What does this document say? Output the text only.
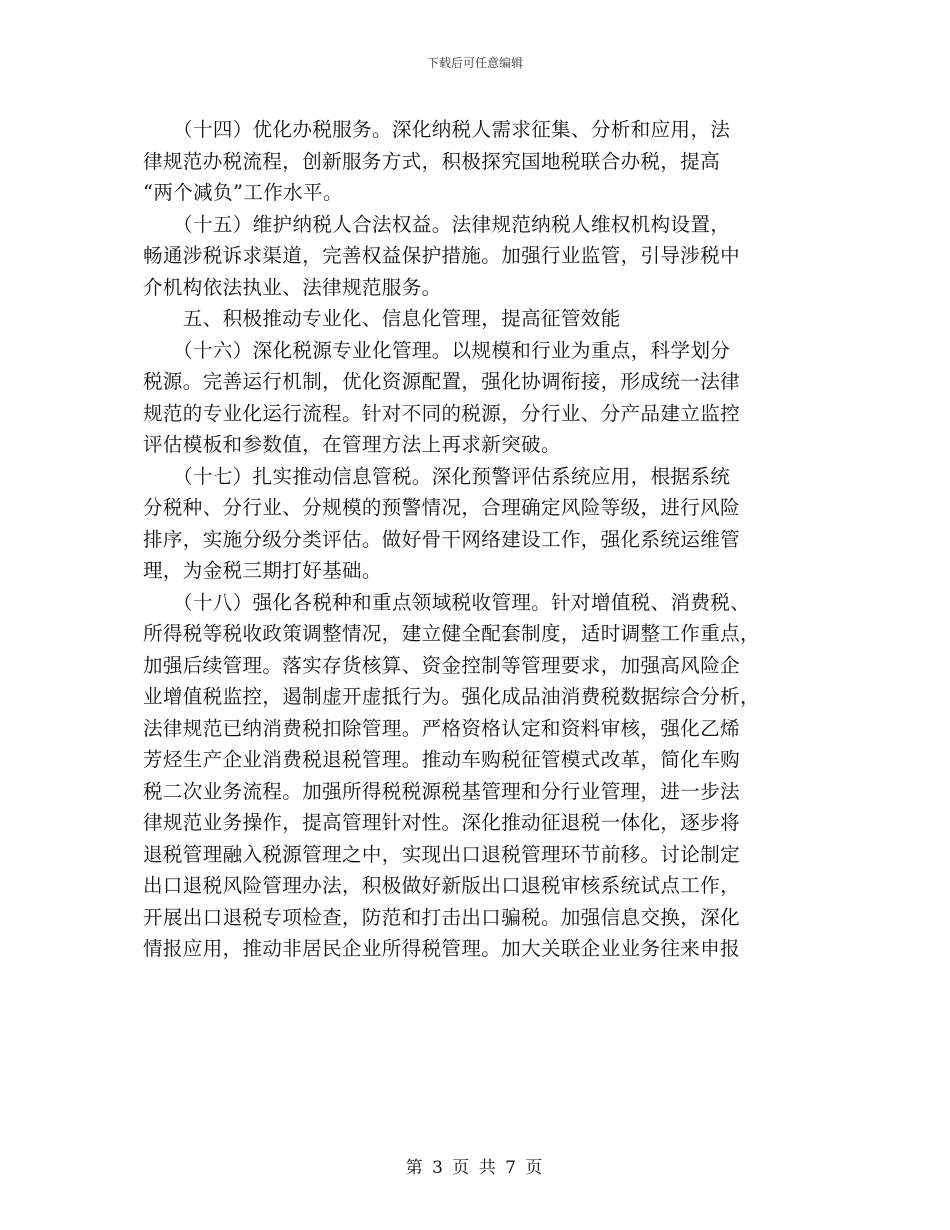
下载后可任意编辑
　　（十四）优化办税服务。深化纳税人需求征集、分析和应用，法
律规范办税流程，创新服务方式，积极探究国地税联合办税，提高
“两个减负”工作水平。
　　（十五）维护纳税人合法权益。法律规范纳税人维权机构设置，
畅通涉税诉求渠道，完善权益保护措施。加强行业监管，引导涉税中
介机构依法执业、法律规范服务。
　　五、积极推动专业化、信息化管理，提高征管效能
　　（十六）深化税源专业化管理。以规模和行业为重点，科学划分
税源。完善运行机制，优化资源配置，强化协调衔接，形成统一法律
规范的专业化运行流程。针对不同的税源，分行业、分产品建立监控
评估模板和参数值，在管理方法上再求新突破。
　　（十七）扎实推动信息管税。深化预警评估系统应用，根据系统
分税种、分行业、分规模的预警情况，合理确定风险等级，进行风险
排序，实施分级分类评估。做好骨干网络建设工作，强化系统运维管
理，为金税三期打好基础。
　　（十八）强化各税种和重点领域税收管理。针对增值税、消费税、
所得税等税收政策调整情况，建立健全配套制度，适时调整工作重点，
加强后续管理。落实存货核算、资金控制等管理要求，加强高风险企
业增值税监控，遏制虚开虚抵行为。强化成品油消费税数据综合分析，
法律规范已纳消费税扣除管理。严格资格认定和资料审核，强化乙烯
芳烃生产企业消费税退税管理。推动车购税征管模式改革，简化车购
税二次业务流程。加强所得税税源税基管理和分行业管理，进一步法
律规范业务操作，提高管理针对性。深化推动征退税一体化，逐步将
退税管理融入税源管理之中，实现出口退税管理环节前移。讨论制定
出口退税风险管理办法，积极做好新版出口退税审核系统试点工作，
开展出口退税专项检查，防范和打击出口骗税。加强信息交换，深化
情报应用，推动非居民企业所得税管理。加大关联企业业务往来申报
第 3 页 共 7 页
